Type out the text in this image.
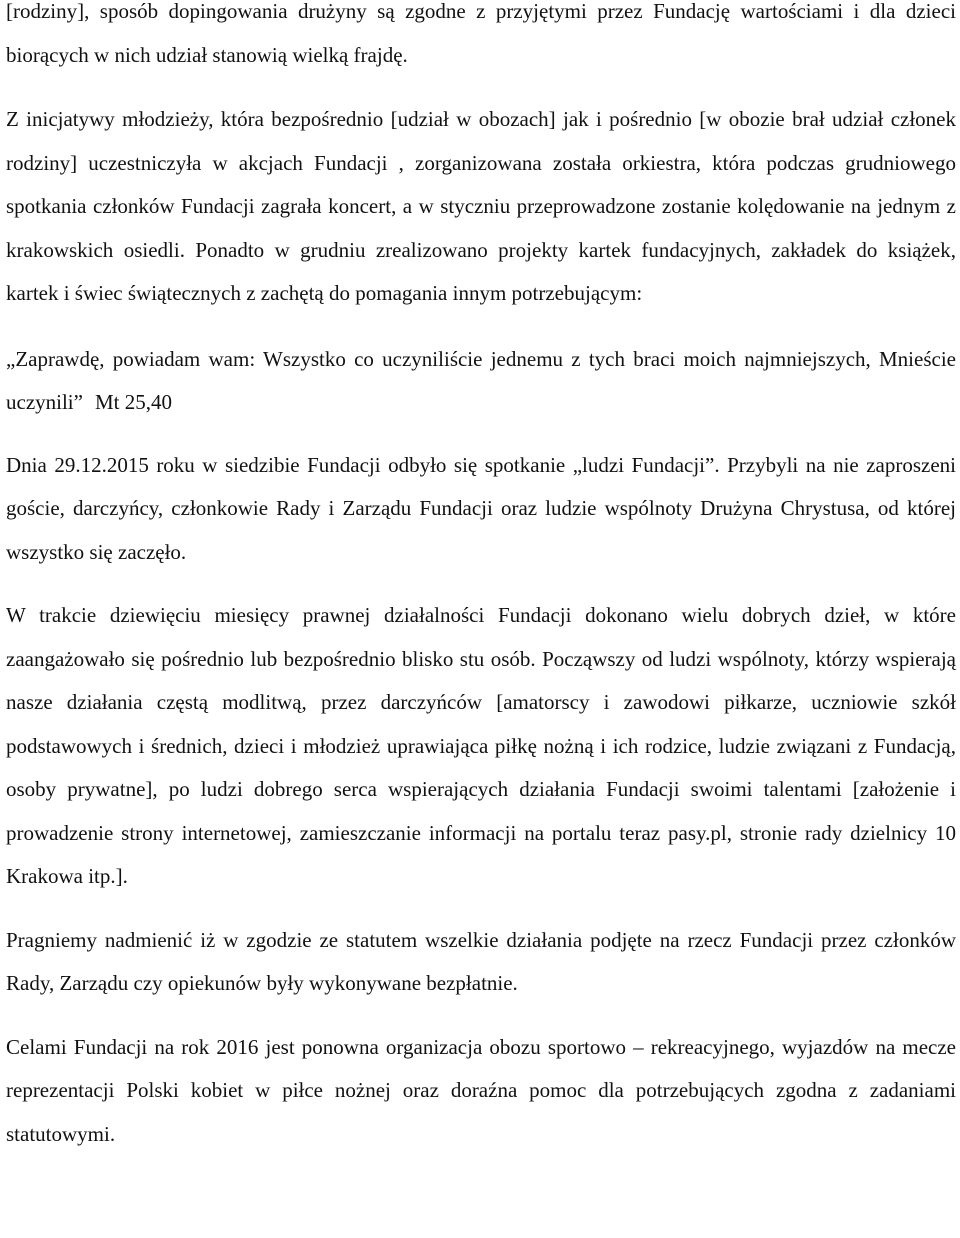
[rodziny], sposób dopingowania drużyny są zgodne z przyjętymi przez Fundację wartościami i dla dzieci biorących w nich udział stanowią wielką frajdę.

Z inicjatywy młodzieży, która bezpośrednio [udział w obozach] jak i pośrednio [w obozie brał udział członek rodziny] uczestniczyła w akcjach Fundacji , zorganizowana została orkiestra, która podczas grudniowego spotkania członków Fundacji zagrała koncert, a w styczniu przeprowadzone zostanie kolędowanie na jednym z krakowskich osiedli. Ponadto w grudniu zrealizowano projekty kartek fundacyjnych, zakładek do książek, kartek i świec świątecznych z zachętą do pomagania innym potrzebującym:

„Zaprawdę, powiadam wam: Wszystko co uczyniliście jednemu z tych braci moich najmniejszych, Mnieście uczynili” Mt 25,40

Dnia 29.12.2015 roku w siedzibie Fundacji odbyło się spotkanie „ludzi Fundacji”. Przybyli na nie zaproszeni goście, darczyńcy, członkowie Rady i Zarządu Fundacji oraz ludzie wspólnoty Drużyna Chrystusa, od której wszystko się zaczęło.

W trakcie dziewięciu miesięcy prawnej działalności Fundacji dokonano wielu dobrych dzieł, w które zaangażowało się pośrednio lub bezpośrednio blisko stu osób. Począwszy od ludzi wspólnoty, którzy wspierają nasze działania częstą modlitwą, przez darczyńców [amatorscy i zawodowi piłkarze, uczniowie szkół podstawowych i średnich, dzieci i młodzież uprawiająca piłkę nożną i ich rodzice, ludzie związani z Fundacją, osoby prywatne], po ludzi dobrego serca wspierających działania Fundacji swoimi talentami [założenie i prowadzenie strony internetowej, zamieszczanie informacji na portalu teraz pasy.pl, stronie rady dzielnicy 10 Krakowa itp.].

Pragniemy nadmienić iż w zgodzie ze statutem wszelkie działania podjęte na rzecz Fundacji przez członków Rady, Zarządu czy opiekunów były wykonywane bezpłatnie.

Celami Fundacji na rok 2016 jest ponowna organizacja obozu sportowo – rekreacyjnego, wyjazdów na mecze reprezentacji Polski kobiet w piłce nożnej oraz doraźna pomoc dla potrzebujących zgodna z zadaniami statutowymi.
